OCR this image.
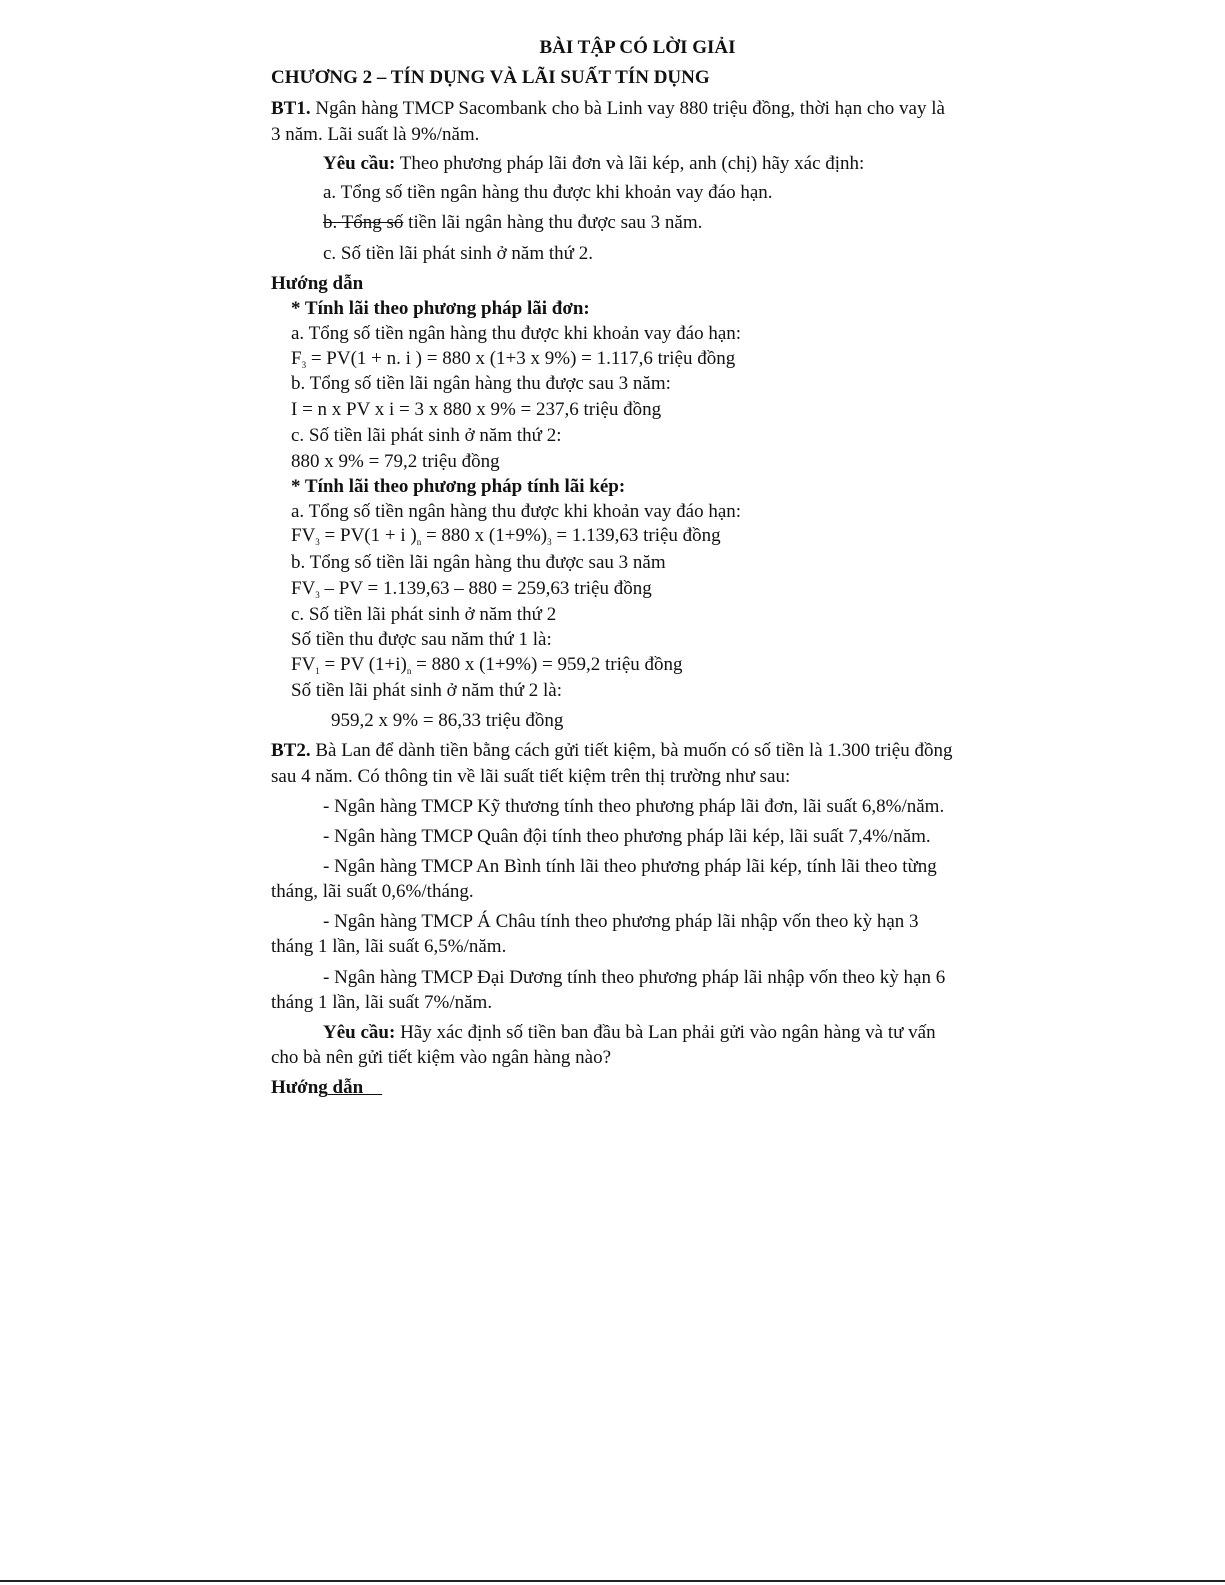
BÀI TẬP CÓ LỜI GIẢI
CHƯƠNG 2 – TÍN DỤNG VÀ LÃI SUẤT TÍN DỤNG
BT1. Ngân hàng TMCP Sacombank cho bà Linh vay 880 triệu đồng, thời hạn cho vay là
3 năm. Lãi suất là 9%/năm.
Yêu cầu: Theo phương pháp lãi đơn và lãi kép, anh (chị) hãy xác định:
a. Tổng số tiền ngân hàng thu được khi khoản vay đáo hạn.
b. Tổng số tiền lãi ngân hàng thu được sau 3 năm.
c. Số tiền lãi phát sinh ở năm thứ 2.
Hướng dẫn
* Tính lãi theo phương pháp lãi đơn:
a. Tổng số tiền ngân hàng thu được khi khoản vay đáo hạn:
$F_3 = PV(1 + n$. i ) = 880 x (1+3 x 9%) = 1.117,6 triệu đồng
b. Tổng số tiền lãi ngân hàng thu được sau 3 năm:
I = n x PV x i = 3 x 880 x 9% = 237,6 triệu đồng
c. Số tiền lãi phát sinh ở năm thứ 2:
880 x 9% = 79,2 triệu đồng
* Tính lãi theo phương pháp tính lãi kép:
a. Tổng số tiền ngân hàng thu được khi khoản vay đáo hạn:
$FV_3 = PV(1 + i$ )$_n = 880$ x $(1+9\%)_3 = 1.139,63$ triệu đồng
b. Tổng số tiền lãi ngân hàng thu được sau 3 năm
$FV_3$ – PV = 1.139,63 – 880 = 259,63 triệu đồng
c. Số tiền lãi phát sinh ở năm thứ 2
Số tiền thu được sau năm thứ 1 là:
$FV_1$ = PV $(1+i)_n = 880$ x (1+9%) = 959,2 triệu đồng
Số tiền lãi phát sinh ở năm thứ 2 là:
959,2 x 9% = 86,33 triệu đồng
BT2. Bà Lan để dành tiền bằng cách gửi tiết kiệm, bà muốn có số tiền là 1.300 triệu đồng
sau 4 năm. Có thông tin về lãi suất tiết kiệm trên thị trường như sau:
- Ngân hàng TMCP Kỹ thương tính theo phương pháp lãi đơn, lãi suất 6,8%/năm.
- Ngân hàng TMCP Quân đội tính theo phương pháp lãi kép, lãi suất 7,4%/năm.
- Ngân hàng TMCP An Bình tính lãi theo phương pháp lãi kép, tính lãi theo từng
tháng, lãi suất 0,6%/tháng.
- Ngân hàng TMCP Á Châu tính theo phương pháp lãi nhập vốn theo kỳ hạn 3
tháng 1 lần, lãi suất 6,5%/năm.
- Ngân hàng TMCP Đại Dương tính theo phương pháp lãi nhập vốn theo kỳ hạn 6
tháng 1 lần, lãi suất 7%/năm.
Yêu cầu: Hãy xác định số tiền ban đầu bà Lan phải gửi vào ngân hàng và tư vấn
cho bà nên gửi tiết kiệm vào ngân hàng nào?
Hướng dẫn
